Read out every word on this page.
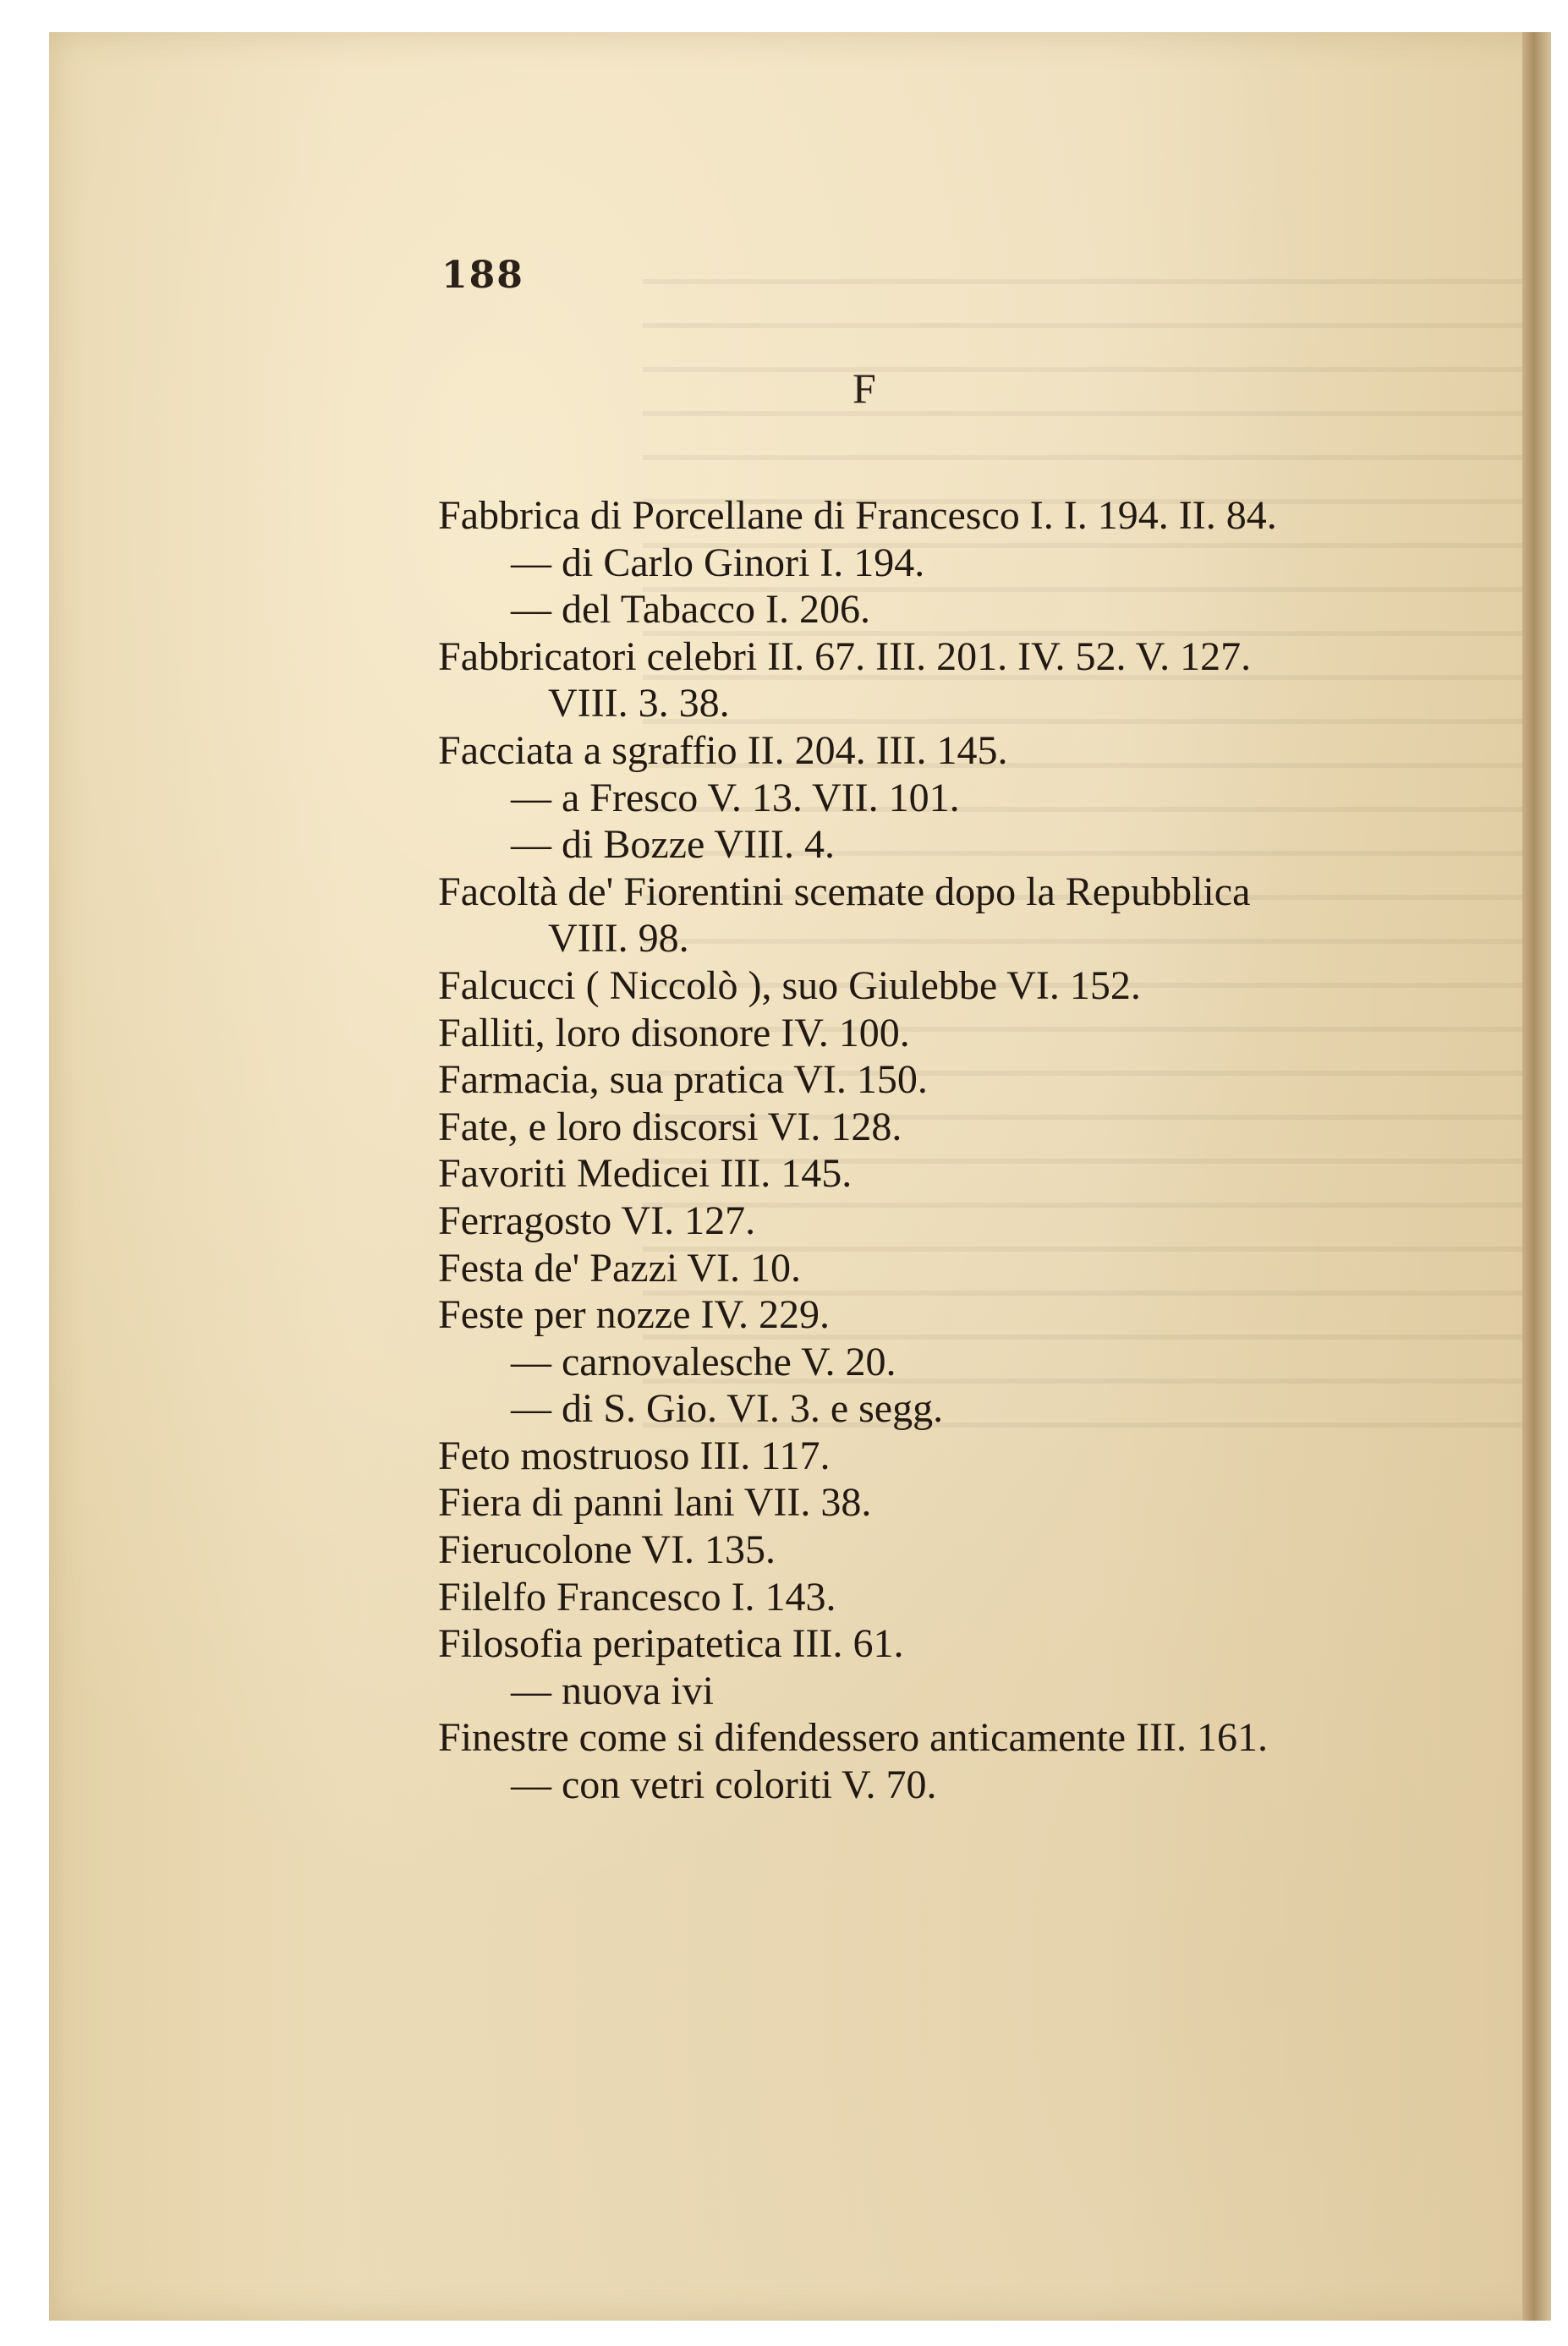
188
F
Fabbrica di Porcellane di Francesco I. I. 194. II. 84.
— di Carlo Ginori I. 194.
— del Tabacco I. 206.
Fabbricatori celebri II. 67. III. 201. IV. 52. V. 127.
VIII. 3. 38.
Facciata a sgraffio II. 204. III. 145.
— a Fresco V. 13. VII. 101.
— di Bozze VIII. 4.
Facoltà de' Fiorentini scemate dopo la Repubblica
VIII. 98.
Falcucci ( Niccolò ), suo Giulebbe VI. 152.
Falliti, loro disonore IV. 100.
Farmacia, sua pratica VI. 150.
Fate, e loro discorsi VI. 128.
Favoriti Medicei III. 145.
Ferragosto VI. 127.
Festa de' Pazzi VI. 10.
Feste per nozze IV. 229.
— carnovalesche V. 20.
— di S. Gio. VI. 3. e segg.
Feto mostruoso III. 117.
Fiera di panni lani VII. 38.
Fierucolone VI. 135.
Filelfo Francesco I. 143.
Filosofia peripatetica III. 61.
— nuova ivi
Finestre come si difendessero anticamente III. 161.
— con vetri coloriti V. 70.
